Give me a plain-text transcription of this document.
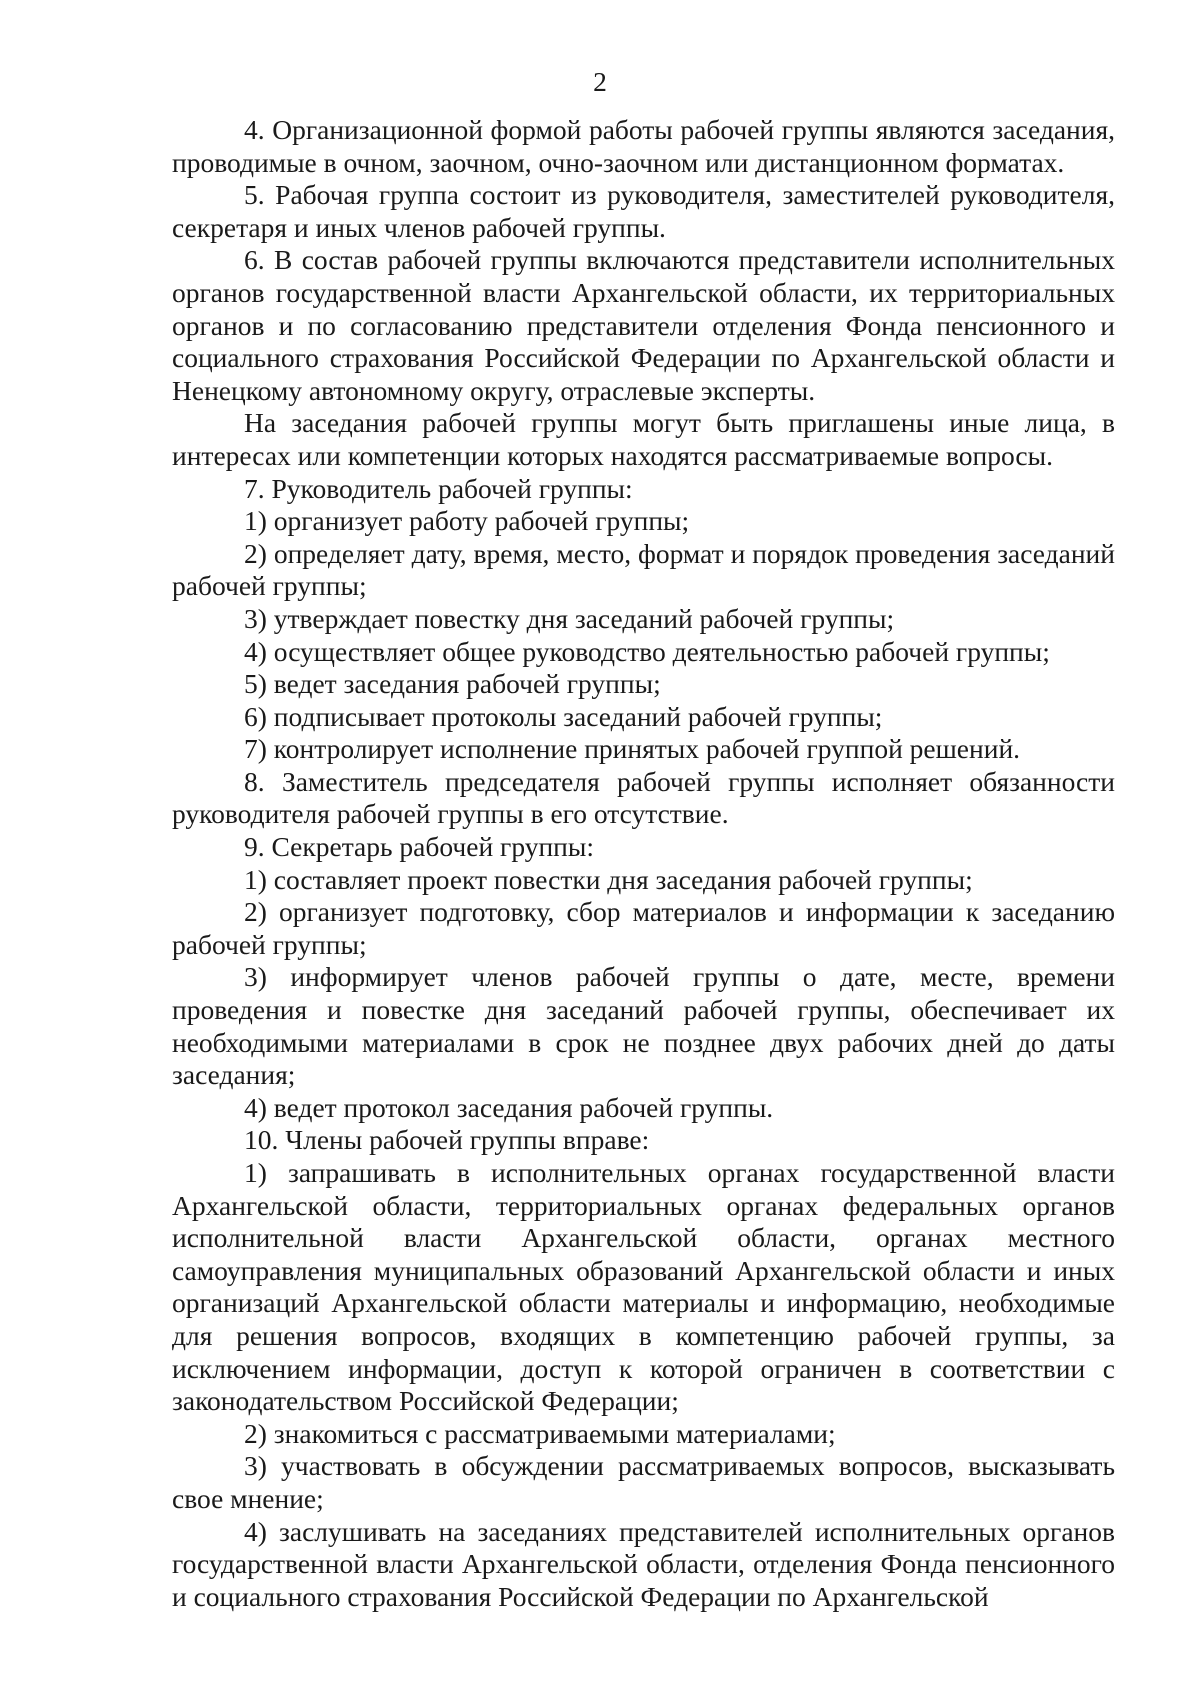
2

4. Организационной формой работы рабочей группы являются заседания, проводимые в очном, заочном, очно-заочном или дистанционном форматах.

5. Рабочая группа состоит из руководителя, заместителей руководителя, секретаря и иных членов рабочей группы.

6. В состав рабочей группы включаются представители исполнительных органов государственной власти Архангельской области, их территориальных органов и по согласованию представители отделения Фонда пенсионного и социального страхования Российской Федерации по Архангельской области и Ненецкому автономному округу, отраслевые эксперты.

На заседания рабочей группы могут быть приглашены иные лица, в интересах или компетенции которых находятся рассматриваемые вопросы.

7. Руководитель рабочей группы:

1) организует работу рабочей группы;

2) определяет дату, время, место, формат и порядок проведения заседаний рабочей группы;

3) утверждает повестку дня заседаний рабочей группы;

4) осуществляет общее руководство деятельностью рабочей группы;

5) ведет заседания рабочей группы;

6) подписывает протоколы заседаний рабочей группы;

7) контролирует исполнение принятых рабочей группой решений.

8. Заместитель председателя рабочей группы исполняет обязанности руководителя рабочей группы в его отсутствие.

9. Секретарь рабочей группы:

1) составляет проект повестки дня заседания рабочей группы;

2) организует подготовку, сбор материалов и информации к заседанию рабочей группы;

3) информирует членов рабочей группы о дате, месте, времени проведения и повестке дня заседаний рабочей группы, обеспечивает их необходимыми материалами в срок не позднее двух рабочих дней до даты заседания;

4) ведет протокол заседания рабочей группы.

10. Члены рабочей группы вправе:

1) запрашивать в исполнительных органах государственной власти Архангельской области, территориальных органах федеральных органов исполнительной власти Архангельской области, органах местного самоуправления муниципальных образований Архангельской области и иных организаций Архангельской области материалы и информацию, необходимые для решения вопросов, входящих в компетенцию рабочей группы, за исключением информации, доступ к которой ограничен в соответствии с законодательством Российской Федерации;

2) знакомиться с рассматриваемыми материалами;

3) участвовать в обсуждении рассматриваемых вопросов, высказывать свое мнение;

4) заслушивать на заседаниях представителей исполнительных органов государственной власти Архангельской области, отделения Фонда пенсионного и социального страхования Российской Федерации по Архангельской
